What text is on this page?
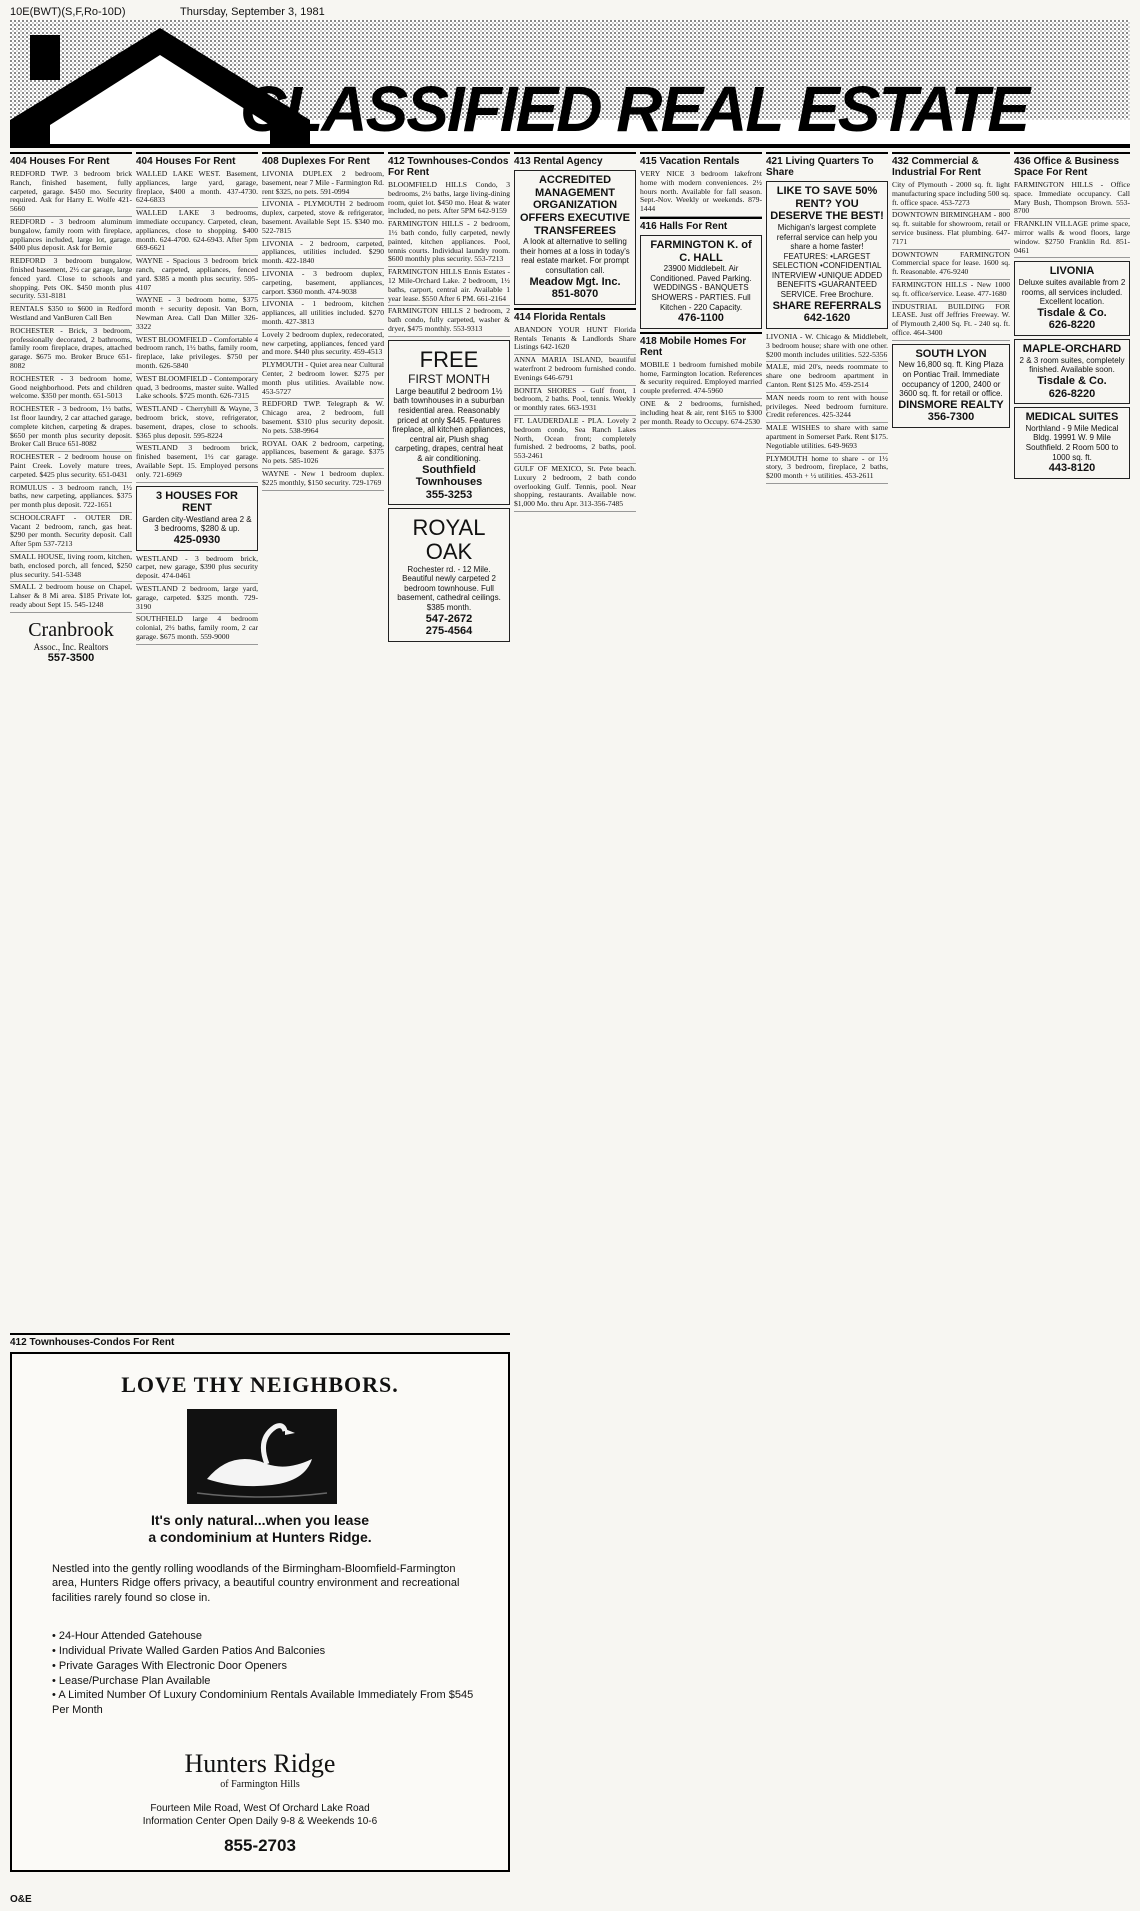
10E(BWT)(S,F,Ro-10D)	Thursday, September 3, 1981
CLASSIFIED REAL ESTATE
404 Houses For Rent
REDFORD TWP. 3 bedroom brick Ranch, finished basement, fully carpeted, garage. $450 mo. Security required. Ask for Harry E. Wolfe 421-5660
REDFORD - 3 bedroom aluminum bungalow, family room with fireplace, appliances included, large lot, garage. $400 plus deposit. Ask for Bernie
REDFORD 3 bedroom bungalow, finished basement, 2½ car garage, large fenced yard. Close to schools and shopping. Pets OK. $450 month plus security. 531-8181
RENTALS $350 to $600 in Redford Westland and VanBuren Call Ben
ROCHESTER - Brick, 3 bedroom, professionally decorated, 2 bathrooms, family room fireplace, drapes, attached garage. $675 mo. Broker Bruce 651-8082
ROCHESTER - 3 bedroom home, Good neighborhood. Pets and children welcome. $350 per month. 651-5013
ROCHESTER - 3 bedroom, 1½ baths, 1st floor laundry, 2 car attached garage, complete kitchen, carpeting & drapes. $650 per month plus security deposit. Broker Call Bruce 651-8082
ROCHESTER - 2 bedroom house on Paint Creek. Lovely mature trees, carpeted. $425 plus security. 651-0431
ROMULUS - 3 bedroom ranch, 1½ baths, new carpeting, appliances. $375 per month plus deposit. 722-1651
SCHOOLCRAFT - OUTER DR. Vacant 2 bedroom, ranch, gas heat. $290 per month. Security deposit. Call After 5pm 537-7213
SMALL HOUSE, living room, kitchen, bath, enclosed porch, all fenced, $250 plus security. 541-5348
SMALL 2 bedroom house on Chapel, Lahser & 8 Mi area. $185 Private lot, ready about Sept 15. 545-1248
Cranbrook
Assoc., Inc. Realtors
557-3500
404 Houses For Rent
WALLED LAKE WEST. Basement, appliances, large yard, garage, fireplace, $400 a month. 437-4730. 624-6833
WALLED LAKE 3 bedrooms, immediate occupancy. Carpeted, clean, appliances, close to shopping. $400 month. 624-4700. 624-6943. After 5pm 669-6621
WAYNE - Spacious 3 bedroom brick ranch, carpeted, appliances, fenced yard. $385 a month plus security. 595-4107
WAYNE - 3 bedroom home, $375 month + security deposit. Van Born, Newman Area. Call Dan Miller 326-3322
WEST BLOOMFIELD - Comfortable 4 bedroom ranch, 1½ baths, family room, fireplace, lake privileges. $750 per month. 626-5840
WEST BLOOMFIELD - Contemporary quad, 3 bedrooms, master suite. Walled Lake schools. $725 month. 626-7315
WESTLAND - Cherryhill & Wayne, 3 bedroom brick, stove, refrigerator, basement, drapes, close to schools. $365 plus deposit. 595-8224
WESTLAND 3 bedroom brick, finished basement, 1½ car garage. Available Sept. 15. Employed persons only. 721-6969
3 HOUSES FOR RENT
Garden city-Westland area 2 & 3 bedrooms, $280 & up.
425-0930
WESTLAND - 3 bedroom brick, carpet, new garage, $390 plus security deposit. 474-0461
WESTLAND 2 bedroom, large yard, garage, carpeted. $325 month. 729-3190
SOUTHFIELD large 4 bedroom colonial, 2½ baths, family room, 2 car garage. $675 month. 559-9000
408 Duplexes For Rent
LIVONIA DUPLEX 2 bedroom, basement, near 7 Mile - Farmington Rd. rent $325, no pets. 591-0994
LIVONIA - PLYMOUTH 2 bedroom duplex, carpeted, stove & refrigerator, basement. Available Sept 15. $340 mo. 522-7815
LIVONIA - 2 bedroom, carpeted, appliances, utilities included. $290 month. 422-1840
LIVONIA - 3 bedroom duplex, carpeting, basement, appliances, carport. $360 month. 474-9038
LIVONIA - 1 bedroom, kitchen appliances, all utilities included. $270 month. 427-3813
Lovely 2 bedroom duplex, redecorated, new carpeting, appliances, fenced yard and more. $440 plus security. 459-4513
PLYMOUTH - Quiet area near Cultural Center, 2 bedroom lower. $275 per month plus utilities. Available now. 453-5727
REDFORD TWP. Telegraph & W. Chicago area, 2 bedroom, full basement. $310 plus security deposit. No pets. 538-9964
ROYAL OAK 2 bedroom, carpeting, appliances, basement & garage. $375 No pets. 585-1026
WAYNE - New 1 bedroom duplex. $225 monthly, $150 security. 729-1769
412 Townhouses-Condos For Rent
BLOOMFIELD HILLS Condo, 3 bedrooms, 2½ baths, large living-dining room, quiet lot. $450 mo. Heat & water included, no pets. After 5PM 642-9159
FARMINGTON HILLS - 2 bedroom, 1½ bath condo, fully carpeted, newly painted, kitchen appliances. Pool, tennis courts. Individual laundry room. $600 monthly plus security. 553-7213
FARMINGTON HILLS Ennis Estates - 12 Mile-Orchard Lake. 2 bedroom, 1½ baths, carport, central air. Available 1 year lease. $550 After 6 PM. 661-2164
FARMINGTON HILLS 2 bedroom, 2 bath condo, fully carpeted, washer & dryer, $475 monthly. 553-9313
FREE
FIRST MONTH
Large beautiful 2 bedroom 1½ bath townhouses in a suburban residential area. Reasonably priced at only $445. Features fireplace, all kitchen appliances, central air, Plush shag carpeting, drapes, central heat & air conditioning.
Southfield Townhouses
355-3253
ROYAL OAK
Rochester rd. - 12 Mile. Beautiful newly carpeted 2 bedroom townhouse. Full basement, cathedral ceilings. $385 month.
547-2672
275-4564
413 Rental Agency
ACCREDITED MANAGEMENT ORGANIZATION OFFERS EXECUTIVE TRANSFEREES
A look at alternative to selling their homes at a loss in today's real estate market. For prompt consultation call.
Meadow Mgt. Inc.
851-8070
414 Florida Rentals
ABANDON YOUR HUNT Florida Rentals Tenants & Landlords Share Listings 642-1620
ANNA MARIA ISLAND, beautiful waterfront 2 bedroom furnished condo. Evenings 646-6791
BONITA SHORES - Gulf front, 1 bedroom, 2 baths. Pool, tennis. Weekly or monthly rates. 663-1931
FT. LAUDERDALE - PLA. Lovely 2 bedroom condo, Sea Ranch Lakes North, Ocean front; completely furnished. 2 bedrooms, 2 baths, pool. 553-2461
GULF OF MEXICO, St. Pete beach. Luxury 2 bedroom, 2 bath condo overlooking Gulf. Tennis, pool. Near shopping, restaurants. Available now. $1,000 Mo. thru Apr. 313-356-7485
415 Vacation Rentals
VERY NICE 3 bedroom lakefront home with modern conveniences. 2½ hours north. Available for fall season. Sept.-Nov. Weekly or weekends. 879-1444
416 Halls For Rent
FARMINGTON K. of C. HALL
23900 Middlebelt. Air Conditioned. Paved Parking. WEDDINGS - BANQUETS SHOWERS - PARTIES. Full Kitchen - 220 Capacity.
476-1100
418 Mobile Homes For Rent
MOBILE 1 bedroom furnished mobile home, Farmington location. References & security required. Employed married couple preferred. 474-5960
ONE & 2 bedrooms, furnished, including heat & air, rent $165 to $300 per month. Ready to Occupy. 674-2530
421 Living Quarters To Share
LIKE TO SAVE 50% RENT? YOU DESERVE THE BEST!
Michigan's largest complete referral service can help you share a home faster! FEATURES: •LARGEST SELECTION •CONFIDENTIAL INTERVIEW •UNIQUE ADDED BENEFITS •GUARANTEED SERVICE. Free Brochure.
SHARE REFERRALS
642-1620
LIVONIA - W. Chicago & Middlebelt, 3 bedroom house; share with one other. $200 month includes utilities. 522-5356
MALE, mid 20's, needs roommate to share one bedroom apartment in Canton. Rent $125 Mo. 459-2514
MAN needs room to rent with house privileges. Need bedroom furniture. Credit references. 425-3244
MALE WISHES to share with same apartment in Somerset Park. Rent $175. Negotiable utilities. 649-9693
PLYMOUTH home to share - or 1½ story, 3 bedroom, fireplace, 2 baths, $200 month + ½ utilities. 453-2611
432 Commercial & Industrial For Rent
City of Plymouth - 2000 sq. ft. light manufacturing space including 500 sq. ft. office space. 453-7273
DOWNTOWN BIRMINGHAM - 800 sq. ft. suitable for showroom, retail or service business. Flat plumbing. 647-7171
DOWNTOWN FARMINGTON Commercial space for lease. 1600 sq. ft. Reasonable. 476-9240
FARMINGTON HILLS - New 1000 sq. ft. office/service. Lease. 477-1680
INDUSTRIAL BUILDING FOR LEASE. Just off Jeffries Freeway. W. of Plymouth 2,400 Sq. Ft. - 240 sq. ft. office. 464-3400
SOUTH LYON
New 16,800 sq. ft. King Plaza on Pontiac Trail. Immediate occupancy of 1200, 2400 or 3600 sq. ft. for retail or office.
DINSMORE REALTY
356-7300
436 Office & Business Space For Rent
FARMINGTON HILLS - Office space. Immediate occupancy. Call Mary Bush, Thompson Brown. 553-8700
FRANKLIN VILLAGE prime space, mirror walls & wood floors, large window. $2750 Franklin Rd. 851-0461
LIVONIA
Deluxe suites available from 2 rooms, all services included. Excellent location.
Tisdale & Co.
626-8220
MAPLE-ORCHARD
2 & 3 room suites, completely finished. Available soon.
Tisdale & Co.
626-8220
MEDICAL SUITES
Northland - 9 Mile Medical Bldg. 19991 W. 9 Mile Southfield. 2 Room 500 to 1000 sq. ft.
443-8120
412 Townhouses-Condos For Rent
LOVE THY NEIGHBORS.
It's only natural...when you lease
a condominium at Hunters Ridge.
Nestled into the gently rolling woodlands of the Birmingham-Bloomfield-Farmington area, Hunters Ridge offers privacy, a beautiful country environment and recreational facilities rarely found so close in.
• 24-Hour Attended Gatehouse
• Individual Private Walled Garden Patios And Balconies
• Private Garages With Electronic Door Openers
• Lease/Purchase Plan Available
• A Limited Number Of Luxury Condominium Rentals Available Immediately From $545 Per Month
Hunters Ridge
of Farmington Hills
Fourteen Mile Road, West Of Orchard Lake Road
Information Center Open Daily 9-8 & Weekends 10-6
855-2703
O&E
